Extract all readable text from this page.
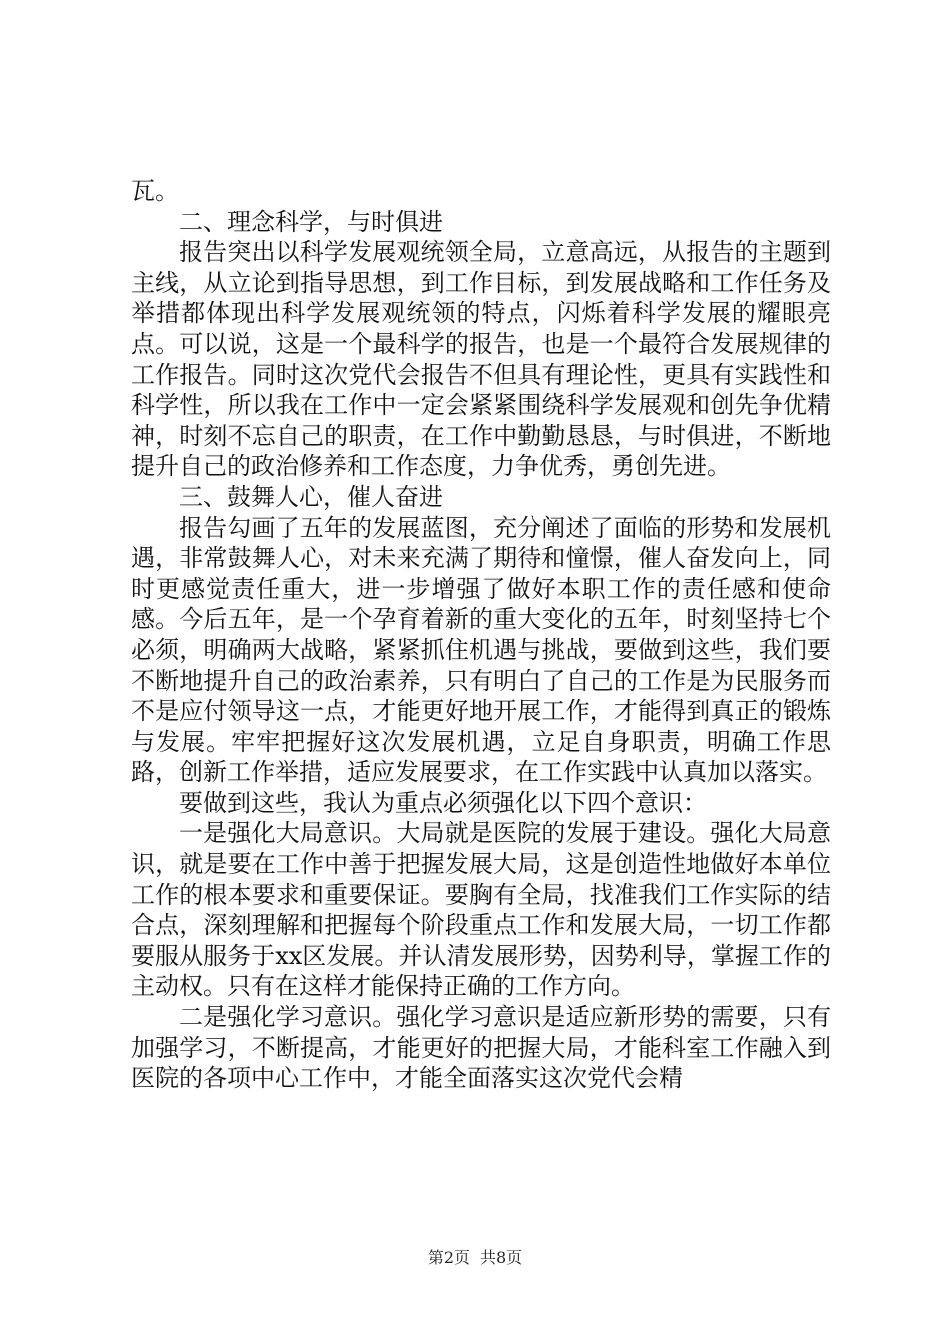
瓦。

二、理念科学，与时俱进

报告突出以科学发展观统领全局，立意高远，从报告的主题到主线，从立论到指导思想，到工作目标，到发展战略和工作任务及举措都体现出科学发展观统领的特点，闪烁着科学发展的耀眼亮点。可以说，这是一个最科学的报告，也是一个最符合发展规律的工作报告。同时这次党代会报告不但具有理论性，更具有实践性和科学性，所以我在工作中一定会紧紧围绕科学发展观和创先争优精神，时刻不忘自己的职责，在工作中勤勤恳恳，与时俱进，不断地提升自己的政治修养和工作态度，力争优秀，勇创先进。

三、鼓舞人心，催人奋进

报告勾画了五年的发展蓝图，充分阐述了面临的形势和发展机遇，非常鼓舞人心，对未来充满了期待和憧憬，催人奋发向上，同时更感觉责任重大，进一步增强了做好本职工作的责任感和使命感。今后五年，是一个孕育着新的重大变化的五年，时刻坚持七个必须，明确两大战略，紧紧抓住机遇与挑战，要做到这些，我们要不断地提升自己的政治素养，只有明白了自己的工作是为民服务而不是应付领导这一点，才能更好地开展工作，才能得到真正的锻炼与发展。牢牢把握好这次发展机遇，立足自身职责，明确工作思路，创新工作举措，适应发展要求，在工作实践中认真加以落实。

要做到这些，我认为重点必须强化以下四个意识：

一是强化大局意识。大局就是医院的发展于建设。强化大局意识，就是要在工作中善于把握发展大局，这是创造性地做好本单位工作的根本要求和重要保证。要胸有全局，找准我们工作实际的结合点，深刻理解和把握每个阶段重点工作和发展大局，一切工作都要服从服务于xx区发展。并认清发展形势，因势利导，掌握工作的主动权。只有在这样才能保持正确的工作方向。

二是强化学习意识。强化学习意识是适应新形势的需要，只有加强学习，不断提高，才能更好的把握大局，才能科室工作融入到医院的各项中心工作中，才能全面落实这次党代会精

第2页 共8页
